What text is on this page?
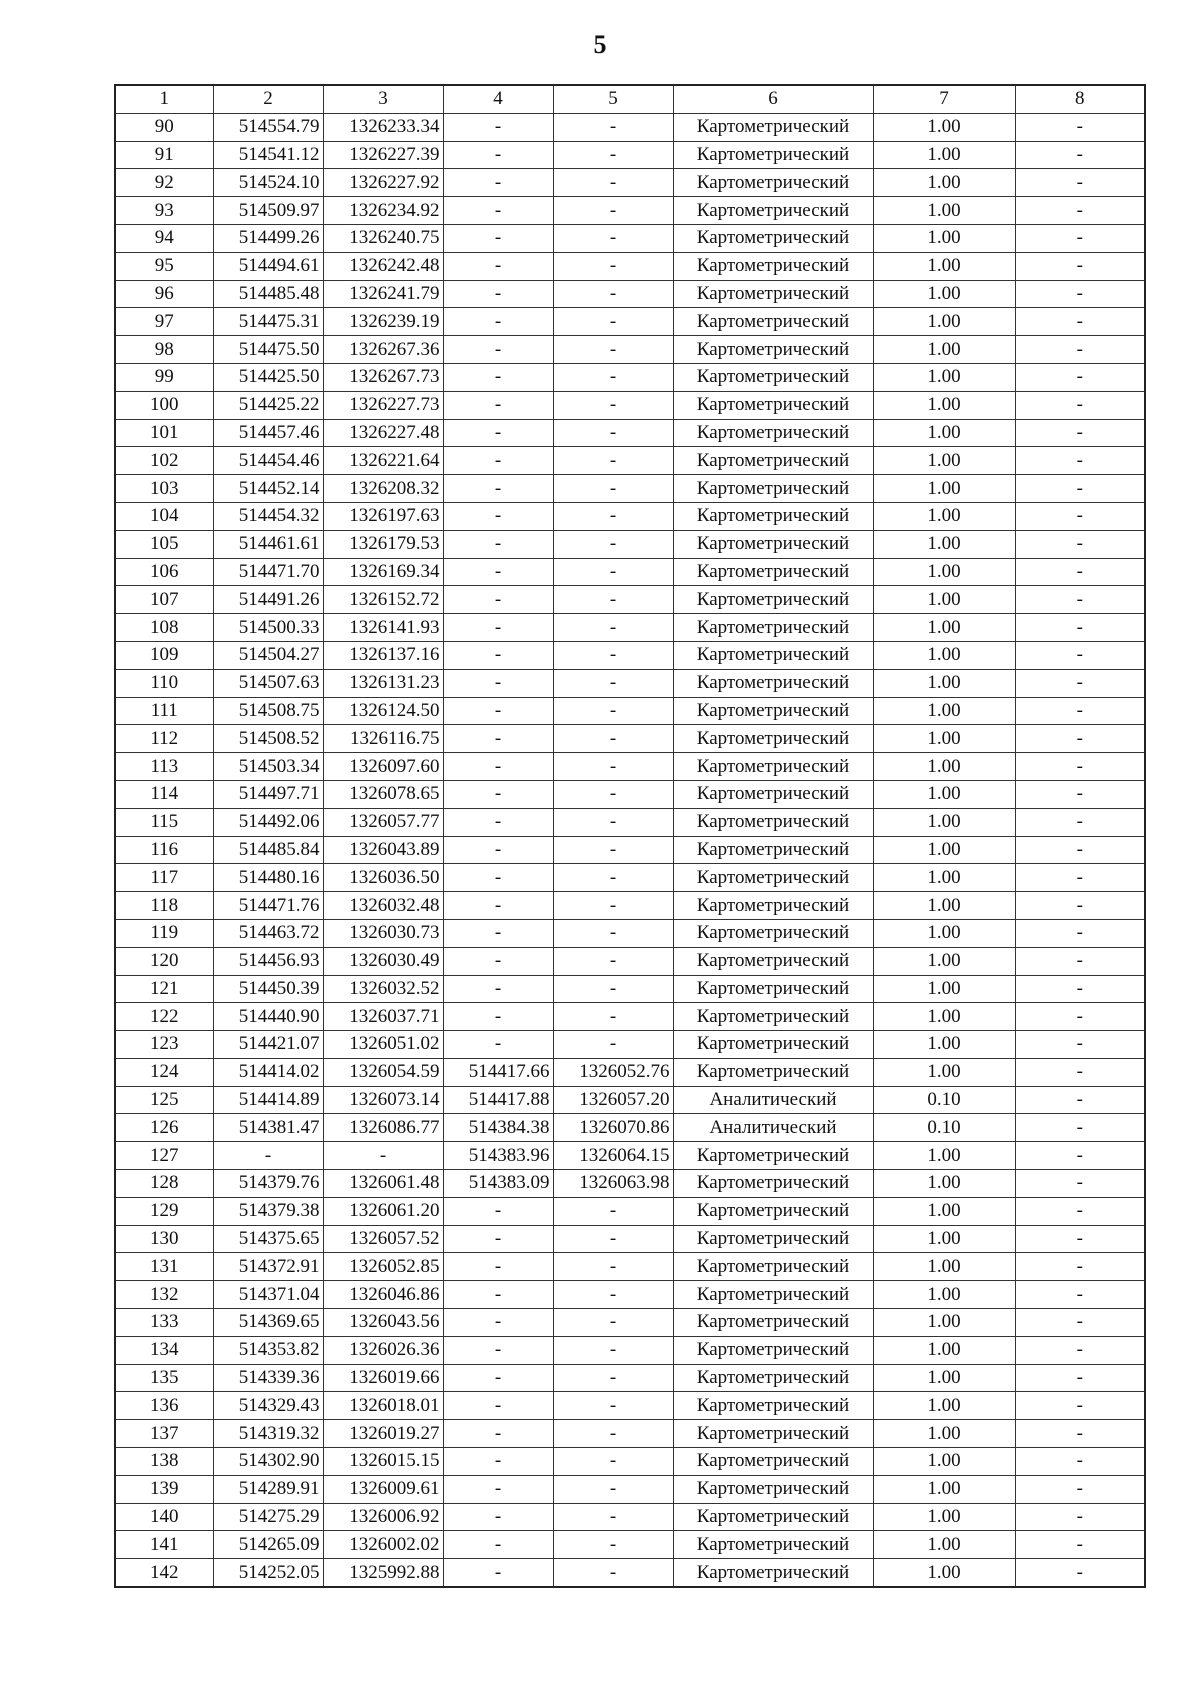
5
1	2	3	4	5	6	7	8
90	514554.79	1326233.34	-	-	Картометрический	1.00	-
91	514541.12	1326227.39	-	-	Картометрический	1.00	-
92	514524.10	1326227.92	-	-	Картометрический	1.00	-
93	514509.97	1326234.92	-	-	Картометрический	1.00	-
94	514499.26	1326240.75	-	-	Картометрический	1.00	-
95	514494.61	1326242.48	-	-	Картометрический	1.00	-
96	514485.48	1326241.79	-	-	Картометрический	1.00	-
97	514475.31	1326239.19	-	-	Картометрический	1.00	-
98	514475.50	1326267.36	-	-	Картометрический	1.00	-
99	514425.50	1326267.73	-	-	Картометрический	1.00	-
100	514425.22	1326227.73	-	-	Картометрический	1.00	-
101	514457.46	1326227.48	-	-	Картометрический	1.00	-
102	514454.46	1326221.64	-	-	Картометрический	1.00	-
103	514452.14	1326208.32	-	-	Картометрический	1.00	-
104	514454.32	1326197.63	-	-	Картометрический	1.00	-
105	514461.61	1326179.53	-	-	Картометрический	1.00	-
106	514471.70	1326169.34	-	-	Картометрический	1.00	-
107	514491.26	1326152.72	-	-	Картометрический	1.00	-
108	514500.33	1326141.93	-	-	Картометрический	1.00	-
109	514504.27	1326137.16	-	-	Картометрический	1.00	-
110	514507.63	1326131.23	-	-	Картометрический	1.00	-
111	514508.75	1326124.50	-	-	Картометрический	1.00	-
112	514508.52	1326116.75	-	-	Картометрический	1.00	-
113	514503.34	1326097.60	-	-	Картометрический	1.00	-
114	514497.71	1326078.65	-	-	Картометрический	1.00	-
115	514492.06	1326057.77	-	-	Картометрический	1.00	-
116	514485.84	1326043.89	-	-	Картометрический	1.00	-
117	514480.16	1326036.50	-	-	Картометрический	1.00	-
118	514471.76	1326032.48	-	-	Картометрический	1.00	-
119	514463.72	1326030.73	-	-	Картометрический	1.00	-
120	514456.93	1326030.49	-	-	Картометрический	1.00	-
121	514450.39	1326032.52	-	-	Картометрический	1.00	-
122	514440.90	1326037.71	-	-	Картометрический	1.00	-
123	514421.07	1326051.02	-	-	Картометрический	1.00	-
124	514414.02	1326054.59	514417.66	1326052.76	Картометрический	1.00	-
125	514414.89	1326073.14	514417.88	1326057.20	Аналитический	0.10	-
126	514381.47	1326086.77	514384.38	1326070.86	Аналитический	0.10	-
127	-	-	514383.96	1326064.15	Картометрический	1.00	-
128	514379.76	1326061.48	514383.09	1326063.98	Картометрический	1.00	-
129	514379.38	1326061.20	-	-	Картометрический	1.00	-
130	514375.65	1326057.52	-	-	Картометрический	1.00	-
131	514372.91	1326052.85	-	-	Картометрический	1.00	-
132	514371.04	1326046.86	-	-	Картометрический	1.00	-
133	514369.65	1326043.56	-	-	Картометрический	1.00	-
134	514353.82	1326026.36	-	-	Картометрический	1.00	-
135	514339.36	1326019.66	-	-	Картометрический	1.00	-
136	514329.43	1326018.01	-	-	Картометрический	1.00	-
137	514319.32	1326019.27	-	-	Картометрический	1.00	-
138	514302.90	1326015.15	-	-	Картометрический	1.00	-
139	514289.91	1326009.61	-	-	Картометрический	1.00	-
140	514275.29	1326006.92	-	-	Картометрический	1.00	-
141	514265.09	1326002.02	-	-	Картометрический	1.00	-
142	514252.05	1325992.88	-	-	Картометрический	1.00	-
